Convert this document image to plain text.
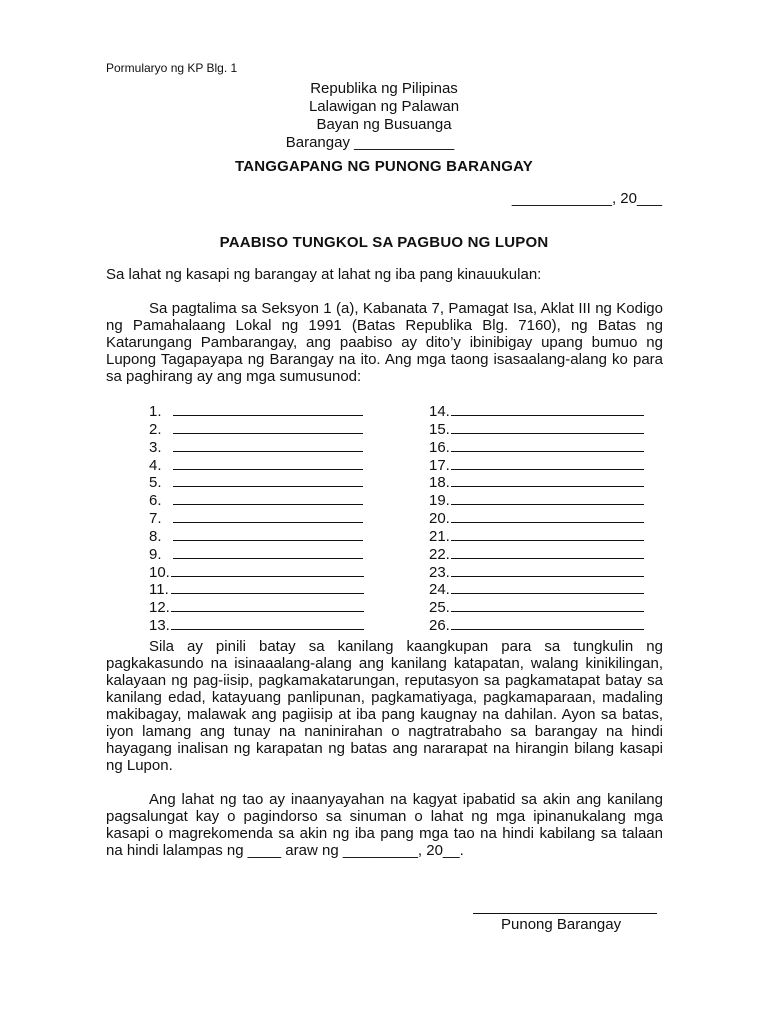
Pormularyo ng KP Blg. 1
Republika ng Pilipinas
Lalawigan ng Palawan
Bayan ng Busuanga
Barangay ____________
TANGGAPANG NG PUNONG BARANGAY
____________, 20___
PAABISO TUNGKOL SA PAGBUO NG LUPON
Sa lahat ng kasapi ng barangay at lahat ng iba pang kinauukulan:
Sa pagtalima sa Seksyon 1 (a), Kabanata 7, Pamagat Isa, Aklat III ng Kodigo ng Pamahalaang Lokal ng 1991 (Batas Republika Blg. 7160), ng Batas ng Katarungang Pambarangay, ang paabiso ay dito’y ibinibigay upang bumuo ng Lupong Tagapayapa ng Barangay na ito. Ang mga taong isasaalang-alang ko para sa paghirang ay ang mga sumusunod:
1.
2.
3.
4.
5.
6.
7.
8.
9.
10.
11.
12.
13.
14.
15.
16.
17.
18.
19.
20.
21.
22.
23.
24.
25.
26.
Sila ay pinili batay sa kanilang kaangkupan para sa tungkulin ng pagkakasundo na isinaaalang-alang ang kanilang katapatan, walang kinikilingan, kalayaan ng pag-iisip, pagkamakatarungan, reputasyon sa pagkamatapat batay sa kanilang edad, katayuang panlipunan, pagkamatiyaga, pagkamaparaan, madaling makibagay, malawak ang pagiisip at iba pang kaugnay na dahilan. Ayon sa batas, iyon lamang ang tunay na naninirahan o nagtratrabaho sa barangay na hindi hayagang inalisan ng karapatan ng batas ang nararapat na hirangin bilang kasapi ng Lupon.
Ang lahat ng tao ay inaanyayahan na kagyat ipabatid sa akin ang kanilang pagsalungat kay o pagindorso sa sinuman o lahat ng mga ipinanukalang mga kasapi o magrekomenda sa akin ng iba pang mga tao na hindi kabilang sa talaan na hindi lalampas ng ____ araw ng _________, 20__.
Punong Barangay
